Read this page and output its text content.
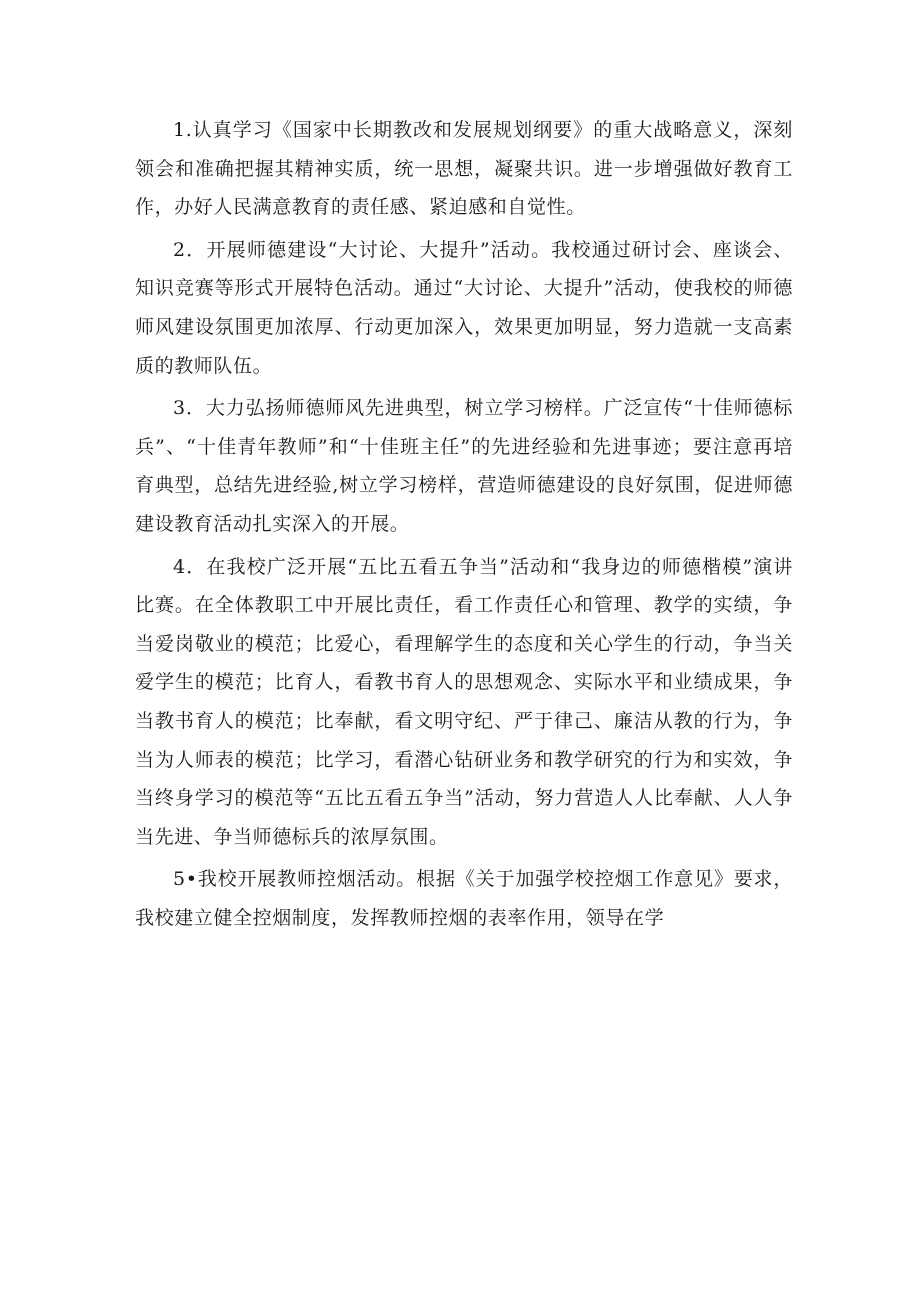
1.认真学习《国家中长期教改和发展规划纲要》的重大战略意义，深刻领会和准确把握其精神实质，统一思想，凝聚共识。进一步增强做好教育工作，办好人民满意教育的责任感、紧迫感和自觉性。

2．开展师德建设“大讨论、大提升”活动。我校通过研讨会、座谈会、知识竞赛等形式开展特色活动。通过“大讨论、大提升”活动，使我校的师德师风建设氛围更加浓厚、行动更加深入，效果更加明显，努力造就一支高素质的教师队伍。

3．大力弘扬师德师风先进典型，树立学习榜样。广泛宣传“十佳师德标兵”、“十佳青年教师”和“十佳班主任”的先进经验和先进事迹；要注意再培育典型，总结先进经验,树立学习榜样，营造师德建设的良好氛围，促进师德建设教育活动扎实深入的开展。

4．在我校广泛开展“五比五看五争当”活动和“我身边的师德楷模”演讲比赛。在全体教职工中开展比责任，看工作责任心和管理、教学的实绩，争当爱岗敬业的模范；比爱心，看理解学生的态度和关心学生的行动，争当关爱学生的模范；比育人，看教书育人的思想观念、实际水平和业绩成果，争当教书育人的模范；比奉献，看文明守纪、严于律己、廉洁从教的行为，争当为人师表的模范；比学习，看潜心钻研业务和教学研究的行为和实效，争当终身学习的模范等“五比五看五争当”活动，努力营造人人比奉献、人人争当先进、争当师德标兵的浓厚氛围。

5•我校开展教师控烟活动。根据《关于加强学校控烟工作意见》要求，我校建立健全控烟制度，发挥教师控烟的表率作用，领导在学
